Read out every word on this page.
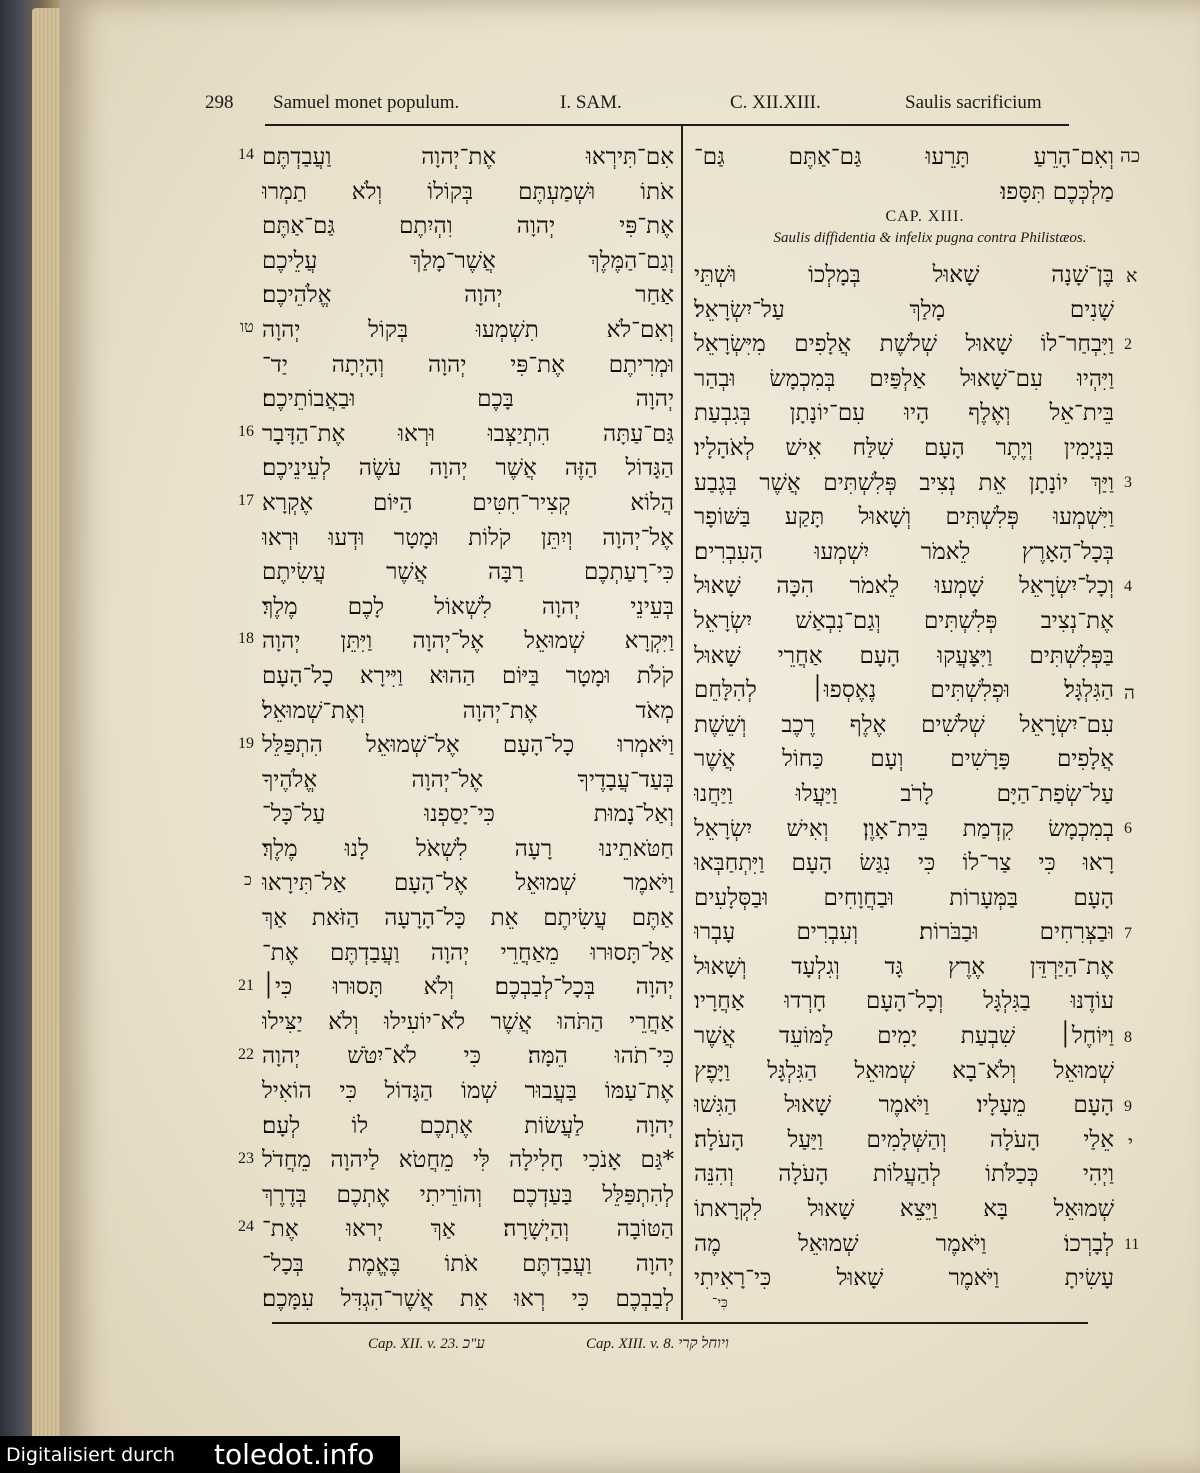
298 Samuel monet populum.	I. SAM.	C. XII.XIII.	Saulis sacrificium
אִם־תִּירְאוּ אֶת־יְהוָה וַעֲבַדְתֶּם
אֹתוֹ וּשְׁמַעְתֶּם בְּקוֹלוֹ וְלֹא תַמְרוּ
אֶת־פִּי יְהוָה וִהְיִתֶם גַּם־אַתֶּם
וְגַם־הַמֶּלֶךְ אֲשֶׁר־מָלַךְ עֲלֵיכֶם
אַחַר יְהוָה אֱלֹהֵיכֶם׃
וְאִם־לֹא תִשְׁמְעוּ בְּקוֹל יְהוָה
וּמְרִיתֶם אֶת־פִּי יְהוָה וְהָיְתָה יַד־
יְהוָה בָּכֶם וּבַאֲבוֹתֵיכֶם׃
גַּם־עַתָּה הִתְיַצְּבוּ וּרְאוּ אֶת־הַדָּבָר
הַגָּדוֹל הַזֶּה אֲשֶׁר יְהוָה עֹשֶׂה לְעֵינֵיכֶם׃
הֲלוֹא קְצִיר־חִטִּים הַיּוֹם אֶקְרָא
אֶל־יְהוָה וְיִתֵּן קֹלוֹת וּמָטָר וּדְעוּ וּרְאוּ
כִּי־רָעַתְכֶם רַבָּה אֲשֶׁר עֲשִׂיתֶם
בְּעֵינֵי יְהוָה לִשְׁאוֹל לָכֶם מֶלֶךְ׃
וַיִּקְרָא שְׁמוּאֵל אֶל־יְהוָה וַיִּתֵּן יְהוָה
קֹלֹת וּמָטָר בַּיּוֹם הַהוּא וַיִּירָא כָל־הָעָם
מְאֹד אֶת־יְהוָה וְאֶת־שְׁמוּאֵל׃
וַיֹּאמְרוּ כָל־הָעָם אֶל־שְׁמוּאֵל הִתְפַּלֵּל
בְּעַד־עֲבָדֶיךָ אֶל־יְהוָה אֱלֹהֶיךָ
וְאַל־נָמוּת כִּי־יָסַפְנוּ עַל־כָּל־
חַטֹּאתֵינוּ רָעָה לִשְׁאֹל לָנוּ מֶלֶךְ׃
וַיֹּאמֶר שְׁמוּאֵל אֶל־הָעָם אַל־תִּירָאוּ
אַתֶּם עֲשִׂיתֶם אֵת כָּל־הָרָעָה הַזֹּאת אַךְ
אַל־תָּסוּרוּ מֵאַחֲרֵי יְהוָה וַעֲבַדְתֶּם אֶת־
יְהוָה בְּכָל־לְבַבְכֶם׃ וְלֹא תָּסוּרוּ כִּי׀
אַחֲרֵי הַתֹּהוּ אֲשֶׁר לֹא־יוֹעִילוּ וְלֹא יַצִּילוּ
כִּי־תֹהוּ הֵמָּה׃ כִּי לֹא־יִטֹּשׁ יְהוָה
אֶת־עַמּוֹ בַּעֲבוּר שְׁמוֹ הַגָּדוֹל כִּי הוֹאִיל
יְהוָה לַעֲשׂוֹת אֶתְכֶם לוֹ לְעָם׃
*גַּם אָנֹכִי חָלִילָה לִּי מֵחֲטֹא לַיהוָה מֵחֲדֹל
לְהִתְפַּלֵּל בַּעַדְכֶם וְהוֹרֵיתִי אֶתְכֶם בְּדֶרֶךְ
הַטּוֹבָה וְהַיְשָׁרָה׃ אַךְ יְראוּ אֶת־
יְהוָה וַעֲבַדְתֶּם אֹתוֹ בֶּאֱמֶת בְּכָל־
לְבַבְכֶם כִּי רְאוּ אֵת אֲשֶׁר־הִגְדִּל עִמָּכֶם׃
14
טו
16
17
18
19
כ
21
22
23
24
וְאִם־הָרֵעַ תָּרֵעוּ גַּם־אַתֶּם גַּם־
מַלְכְּכֶם תִּסָּפוּ׃
CAP. XIII.
Saulis diffidentia & infelix pugna contra Philistæos.
בֶּן־שָׁנָה שָׁאוּל בְּמָלְכוֹ וּשְׁתֵּי
שָׁנִים מָלַךְ עַל־יִשְׂרָאֵל׃
וַיִּבְחַר־לוֹ שָׁאוּל שְׁלֹשֶׁת אֲלָפִים מִיִּשְׂרָאֵל
וַיִּהְיוּ עִם־שָׁאוּל אַלְפַּיִם בְּמִכְמָשׂ וּבְהַר
בֵּית־אֵל וְאֶלֶף הָיוּ עִם־יוֹנָתָן בְּגִבְעַת
בִּנְיָמִין וְיֶתֶר הָעָם שִׁלַּח אִישׁ לְאֹהָלָיו׃
וַיַּךְ יוֹנָתָן אֵת נְצִיב פְּלִשְׁתִּים אֲשֶׁר בְּגֶבַע
וַיִּשְׁמְעוּ פְּלִשְׁתִּים וְשָׁאוּל תָּקַע בַּשּׁוֹפָר
בְּכָל־הָאָרֶץ לֵאמֹר יִשְׁמְעוּ הָעִבְרִים׃
וְכָל־יִשְׂרָאֵל שָׁמְעוּ לֵאמֹר הִכָּה שָׁאוּל
אֶת־נְצִיב פְּלִשְׁתִּים וְגַם־נִבְאַשׁ יִשְׂרָאֵל
בַּפְּלִשְׁתִּים וַיִּצָּעֲקוּ הָעָם אַחֲרֵי שָׁאוּל
הַגִּלְגָּל׃ וּפְלִשְׁתִּים נֶאֶסְפוּ׀ לְהִלָּחֵם
עִם־יִשְׂרָאֵל שְׁלֹשִׁים אֶלֶף רֶכֶב וְשֵׁשֶׁת
אֲלָפִים פָּרָשִׁים וְעָם כַּחוֹל אֲשֶׁר
עַל־שְׂפַת־הַיָּם לָרֹב וַיַּעֲלוּ וַיַּחֲנוּ
בְמִכְמָשׂ קִדְמַת בֵּית־אָוֶן׃ וְאִישׁ יִשְׂרָאֵל
רָאוּ כִּי צַר־לוֹ כִּי נִגַּשׂ הָעָם וַיִּתְחַבְּאוּ
הָעָם בַּמְּעָרוֹת וּבַחֲוָחִים וּבַסְּלָעִים
וּבַצְּרִחִים וּבַבֹּרוֹת׃ וְעִבְרִים עָבְרוּ
אֶת־הַיַּרְדֵּן אֶרֶץ גָּד וְגִלְעָד וְשָׁאוּל
עוֹדֶנּוּ בַגִּלְגָּל וְכָל־הָעָם חָרְדוּ אַחֲרָיו׃
וַיּוֹחֶל׀ שִׁבְעַת יָמִים לַמּוֹעֵד אֲשֶׁר
שְׁמוּאֵל וְלֹא־בָא שְׁמוּאֵל הַגִּלְגָּל וַיָּפֶץ
הָעָם מֵעָלָיו׃ וַיֹּאמֶר שָׁאוּל הַגִּשׁוּ
אֵלַי הָעֹלָה וְהַשְּׁלָמִים וַיַּעַל הָעֹלָה׃
וַיְהִי כְּכַלֹּתוֹ לְהַעֲלוֹת הָעֹלָה וְהִנֵּה
שְׁמוּאֵל בָּא וַיֵּצֵא שָׁאוּל לִקְרָאתוֹ
לְבָרְכוֹ׃ וַיֹּאמֶר שְׁמוּאֵל מֶה
עָשִׂיתָ וַיֹּאמֶר שָׁאוּל כִּי־רָאִיתִי
כִּי־
כה
א
2
3
4
ה
6
7
8
9
י
11
Cap. XII. v. 23. ע"כ	Cap. XIII. v. 8. ויוחל קרי
Digitalisiert durch toledot.info
